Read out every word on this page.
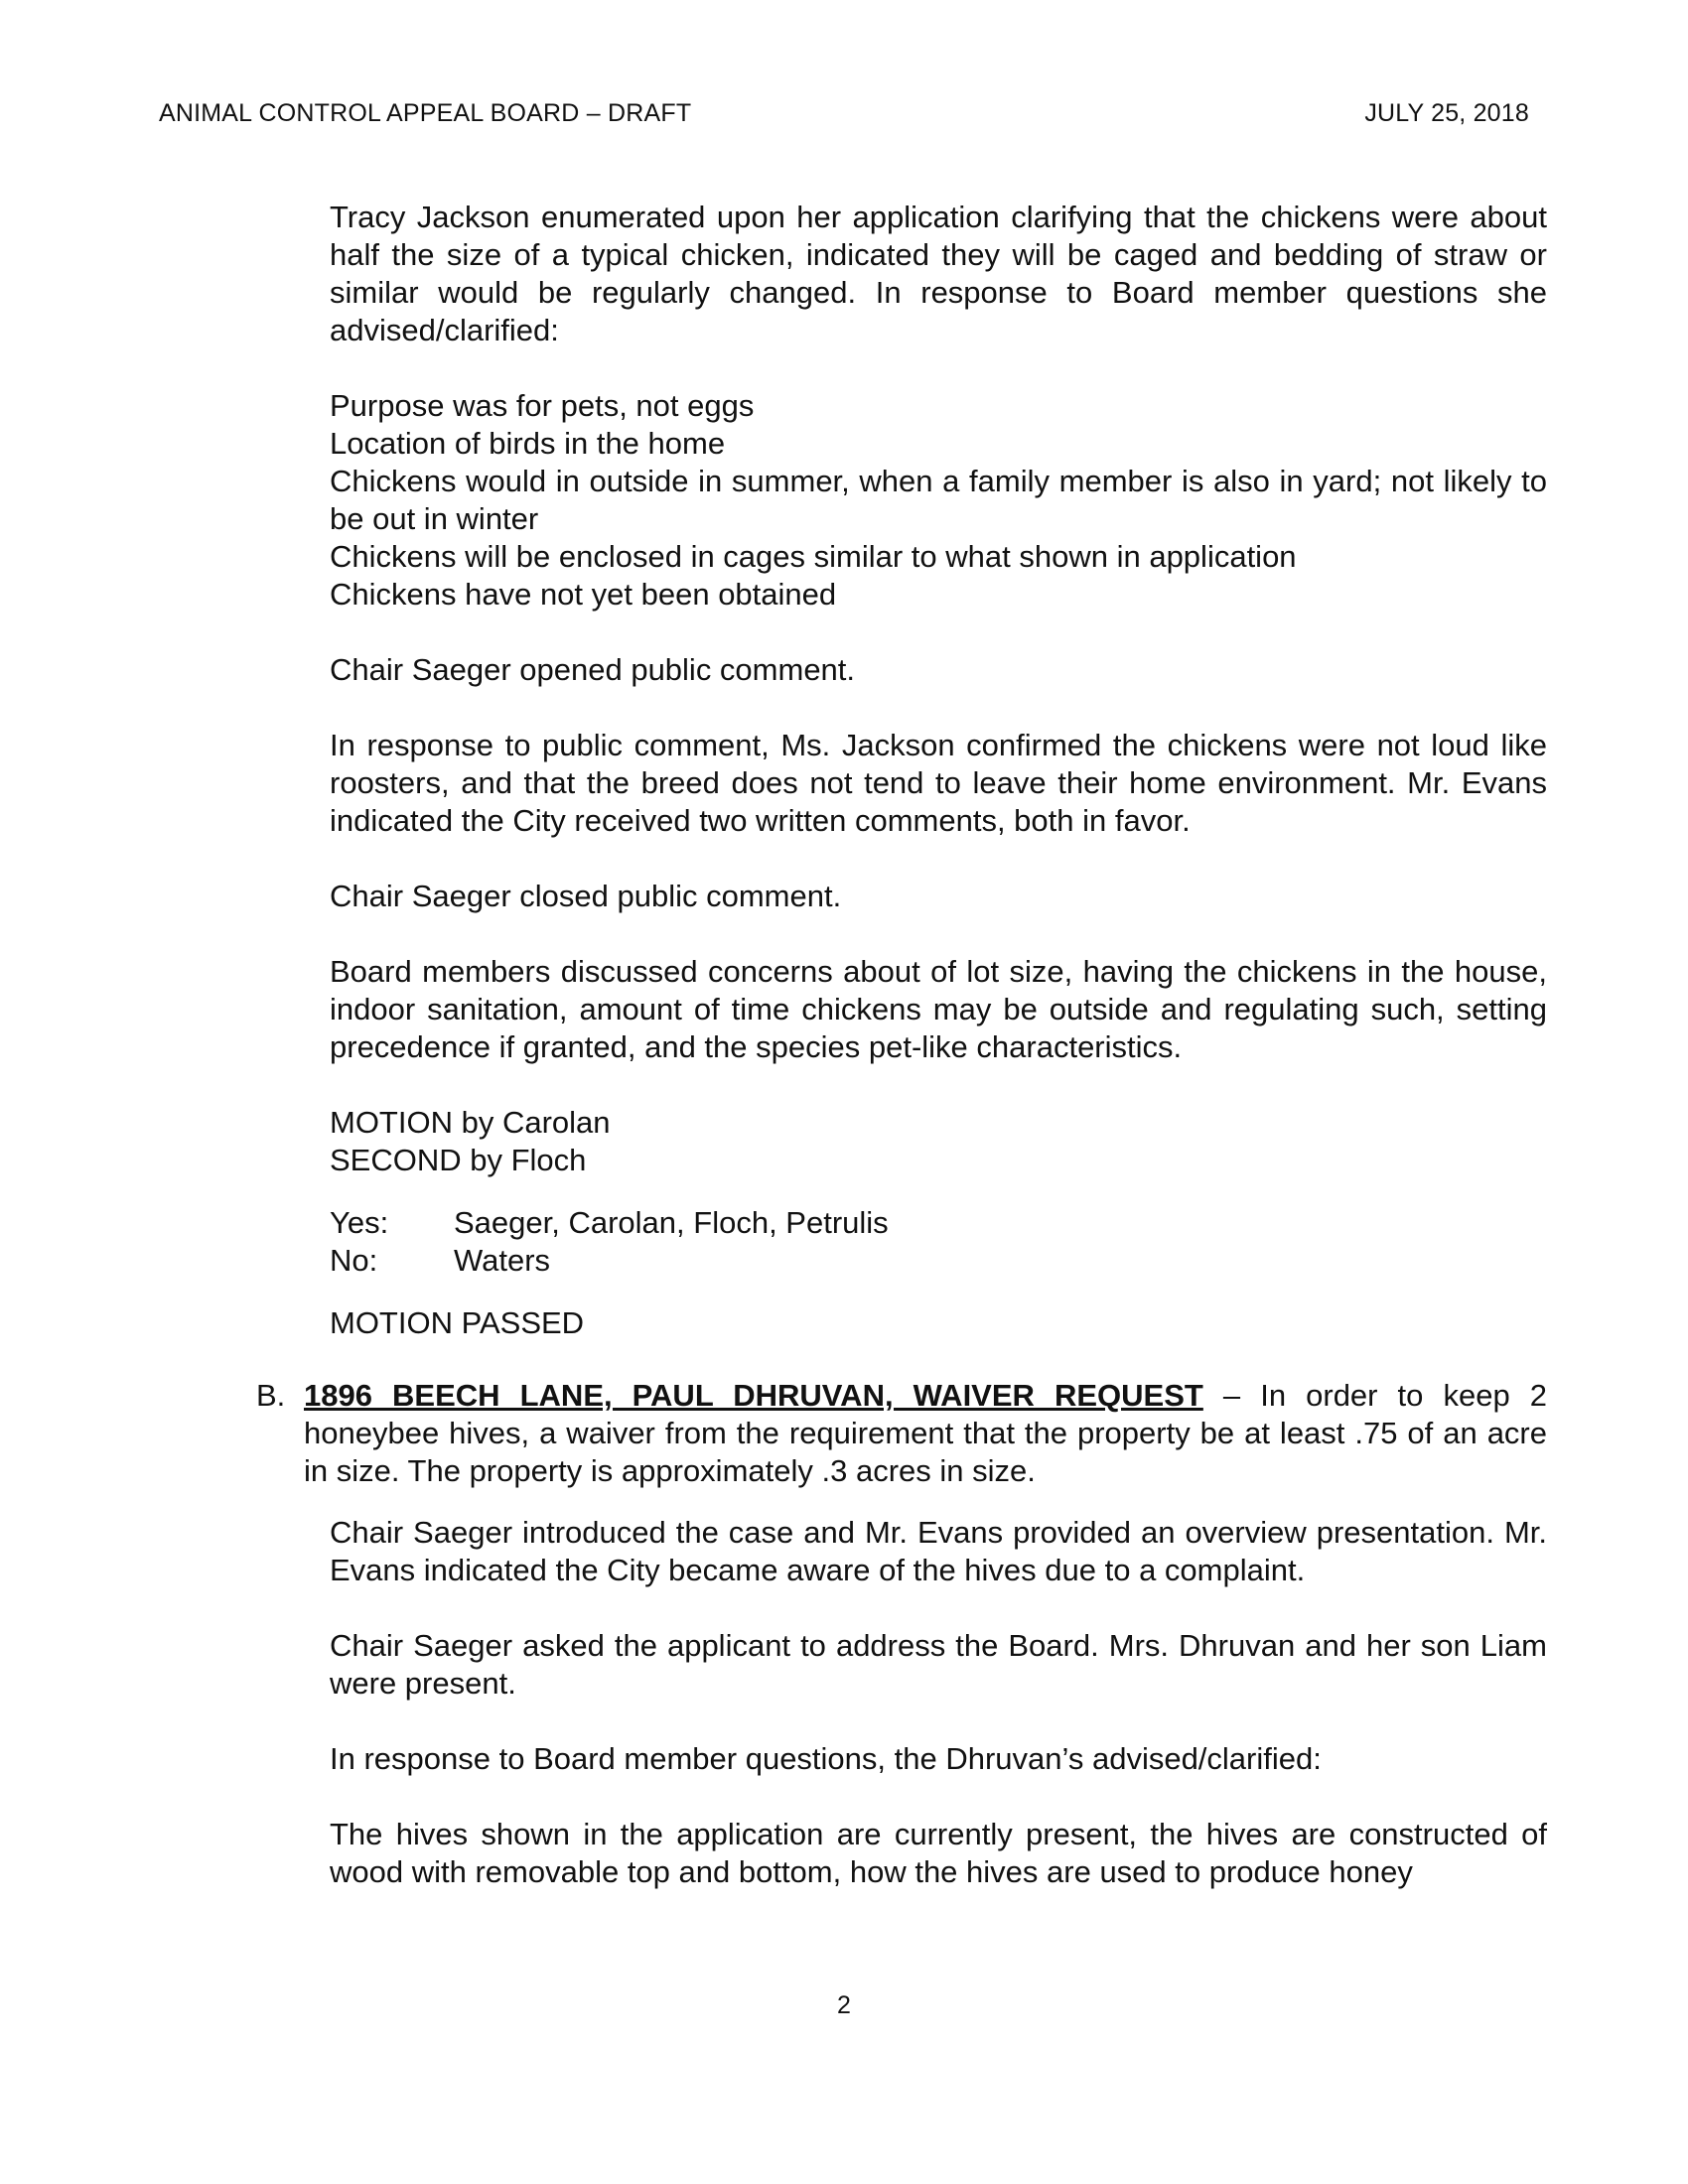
ANIMAL CONTROL APPEAL BOARD – DRAFT	JULY 25, 2018

Tracy Jackson enumerated upon her application clarifying that the chickens were about half the size of a typical chicken, indicated they will be caged and bedding of straw or similar would be regularly changed. In response to Board member questions she advised/clarified:

Purpose was for pets, not eggs

Location of birds in the home

Chickens would in outside in summer, when a family member is also in yard; not likely to be out in winter

Chickens will be enclosed in cages similar to what shown in application

Chickens have not yet been obtained

Chair Saeger opened public comment.

In response to public comment, Ms. Jackson confirmed the chickens were not loud like roosters, and that the breed does not tend to leave their home environment. Mr. Evans indicated the City received two written comments, both in favor.

Chair Saeger closed public comment.

Board members discussed concerns about of lot size, having the chickens in the house, indoor sanitation, amount of time chickens may be outside and regulating such, setting precedence if granted, and the species pet-like characteristics.

MOTION by Carolan

SECOND by Floch

Yes: Saeger, Carolan, Floch, Petrulis

No: Waters

MOTION PASSED

B. 1896 BEECH LANE, PAUL DHRUVAN, WAIVER REQUEST – In order to keep 2 honeybee hives, a waiver from the requirement that the property be at least .75 of an acre in size. The property is approximately .3 acres in size.

Chair Saeger introduced the case and Mr. Evans provided an overview presentation. Mr. Evans indicated the City became aware of the hives due to a complaint.

Chair Saeger asked the applicant to address the Board. Mrs. Dhruvan and her son Liam were present.

In response to Board member questions, the Dhruvan’s advised/clarified:

The hives shown in the application are currently present, the hives are constructed of wood with removable top and bottom, how the hives are used to produce honey

2
